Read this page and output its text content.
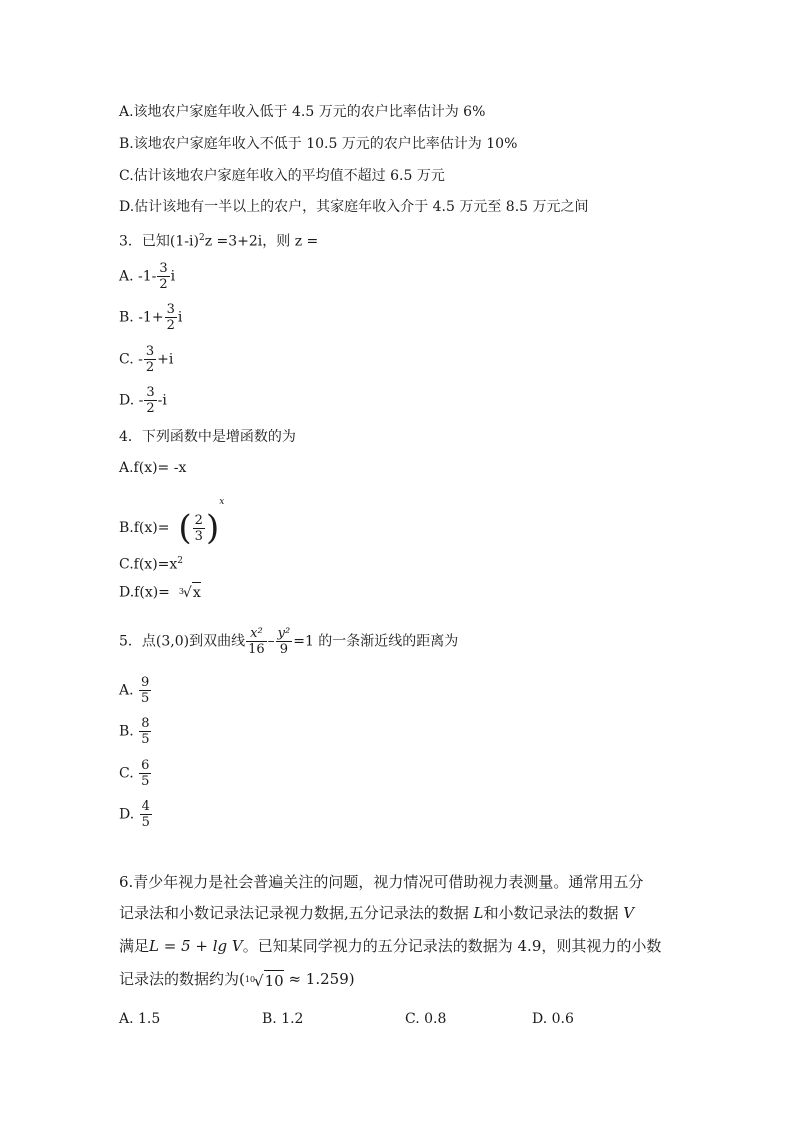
A.该地农户家庭年收入低于 4.5 万元的农户比率估计为 6%
B.该地农户家庭年收入不低于 10.5 万元的农户比率估计为 10%
C.估计该地农户家庭年收入的平均值不超过 6.5 万元
D.估计该地有一半以上的农户，其家庭年收入介于 4.5 万元至 8.5 万元之间
3．已知$(1-i)^2z =3+2i$，则 z =
A. $-1- \frac{3}{2}$ i
B. $-1+ \frac{3}{2}$ i
C. - $\frac{3}{2} +i$
D. - $\frac{3}{2} -i$
4．下列函数中是增函数的为
A.f(x)= -x
B.f(x)= ( $\frac{2}{3} )^x$
$C.f(x)=x^2$
D.f(x)= $^3$√x
5．点(3,0)到双曲线 $\frac{\text{x²}}{16} - \frac{\text{y²}}{9} =1$ 的一条渐近线的距离为
A. $\frac{9}{5}$
B. $\frac{8}{5}$
C. $\frac{6}{5}$
D. $\frac{4}{5}$
6.青少年视力是社会普遍关注的问题，视力情况可借助视力表测量。通常用五分
记录法和小数记录法记录视力数据,五分记录法的数据 L和小数记录法的数据 V
满足L = 5 + lg V。已知某同学视力的五分记录法的数据为 4.9，则其视力的小数
记录法的数据约为($^{10}$√10 ≈ 1.259)
A. 1.5	B. 1.2	C. 0.8	D. 0.6
